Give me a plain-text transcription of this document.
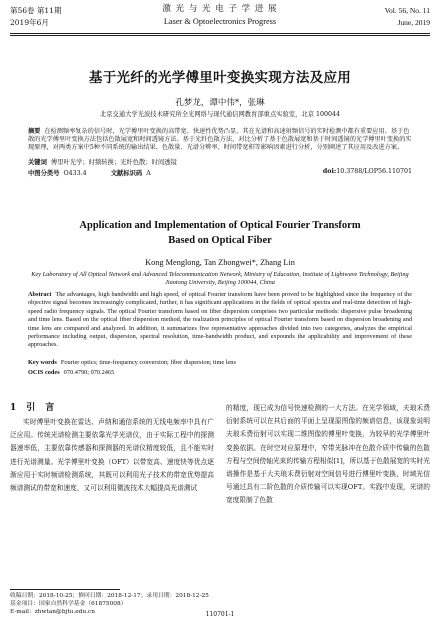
第56卷 第11期
2019年6月
激 光 与 光 电 子 学 进 展
Laser & Optoelectronics Progress
Vol. 56, No. 11
June, 2019
基于光纤的光学傅里叶变换实现方法及应用
孔梦龙，谭中伟*，张琳
北京交通大学光波技术研究所全光网络与现代通信网教育部重点实验室，北京 100044
摘要 在检测频率复杂的信号时，光学傅里叶变换的高带宽、快速性优势凸显，其在光谱和高速射频信号的实时检测中都有重要应用。基于色散的光学傅里叶变换方法包括色散展宽和时间透镜方法。基于光纤色散方法，对比分析了基于色散展宽和基于时间透镜的光学傅里叶变换的实现原理，对两类方案中5种不同系统的输出结果、色散量、光谱分辨率、时间带宽积等影响因素进行分析，分别阐述了其应用及改进方案。
关键词 傅里叶光学；时频转换；光纤色散；时间透镜
中图分类号 O433.4	文献标识码 A	doi:10.3788/LOP56.110701
Application and Implementation of Optical Fourier Transform
Based on Optical Fiber
Kong Menglong, Tan Zhongwei*, Zhang Lin
Key Laboratory of All Optical Network and Advanced Telecommunication Network, Ministry of Education, Institute of Lightwave Technology, Beijing Jiaotong University, Beijing 100044, China
Abstract The advantages, high bandwidth and high speed, of optical Fourier transform have been proved to be highlighted since the frequency of the objective signal becomes increasingly complicated, further, it has significant applications in the fields of optical spectra and real-time detection of high-speed radio frequency signals. The optical Fourier transform based on fiber dispersion comprises two particular methods: dispersive pulse broadening and time lens. Based on the optical fiber dispersion method, the realization principles of optical Fourier transform based on dispersion broadening and time lens are compared and analyzed. In addition, it summarizes five representative approaches divided into two categories, analyzes the empirical performance including output, dispersion, spectral resolution, time-bandwidth product, and expounds the applicability and improvement of these approaches.
Key words Fourier optics; time-frequency conversion; fiber dispersion; time lens
OCIS codes 070.4790; 070.2465
1引言

实时傅里叶变换在雷达、声纳和通信系统的无线电频率中具有广泛应用。传统光谱检测主要依靠光学光谱仪，由于实际工程中的探测器速率低，主要依靠传感器和探测器的光谱仪精度较低，且不能实时进行光谱测量。光学傅里叶变换（OFT）以带宽高、速度快等优点逐渐应用于实时频谱检测系统，其既可以利用光子技术的带宽优势提高频谱测试的带宽和速度，又可以利用微波技术大幅提高光谱测试

的精度，现已成为信号快速检测的一大方法。在光学领域，夫琅禾费衍射系统可以在其后面的平面上呈现原图像的频谱信息，该现象说明夫琅禾费衍射可以实现二维图像的傅里叶变换，为较早的光学傅里叶变换依据。在时空对应原理中，窄带光脉冲在色散介质中传输的色散方程与空间傍轴光束的传输方程相似[1]，所以基于色散展宽的实时光谱操作是基于大夫琅禾费衍射对空间信号进行傅里叶变换，时域光信号通过具有二阶色散的介质传输可以实现OFT。实践中发现，光谱的宽度限制了色散

收稿日期：2018-10-25；修回日期：2018-12-17；录用日期：2018-12-25
基金项目：国家自然科学基金（61875008）
E-mail：zhwtan@bjtu.edu.cn	110701-1
